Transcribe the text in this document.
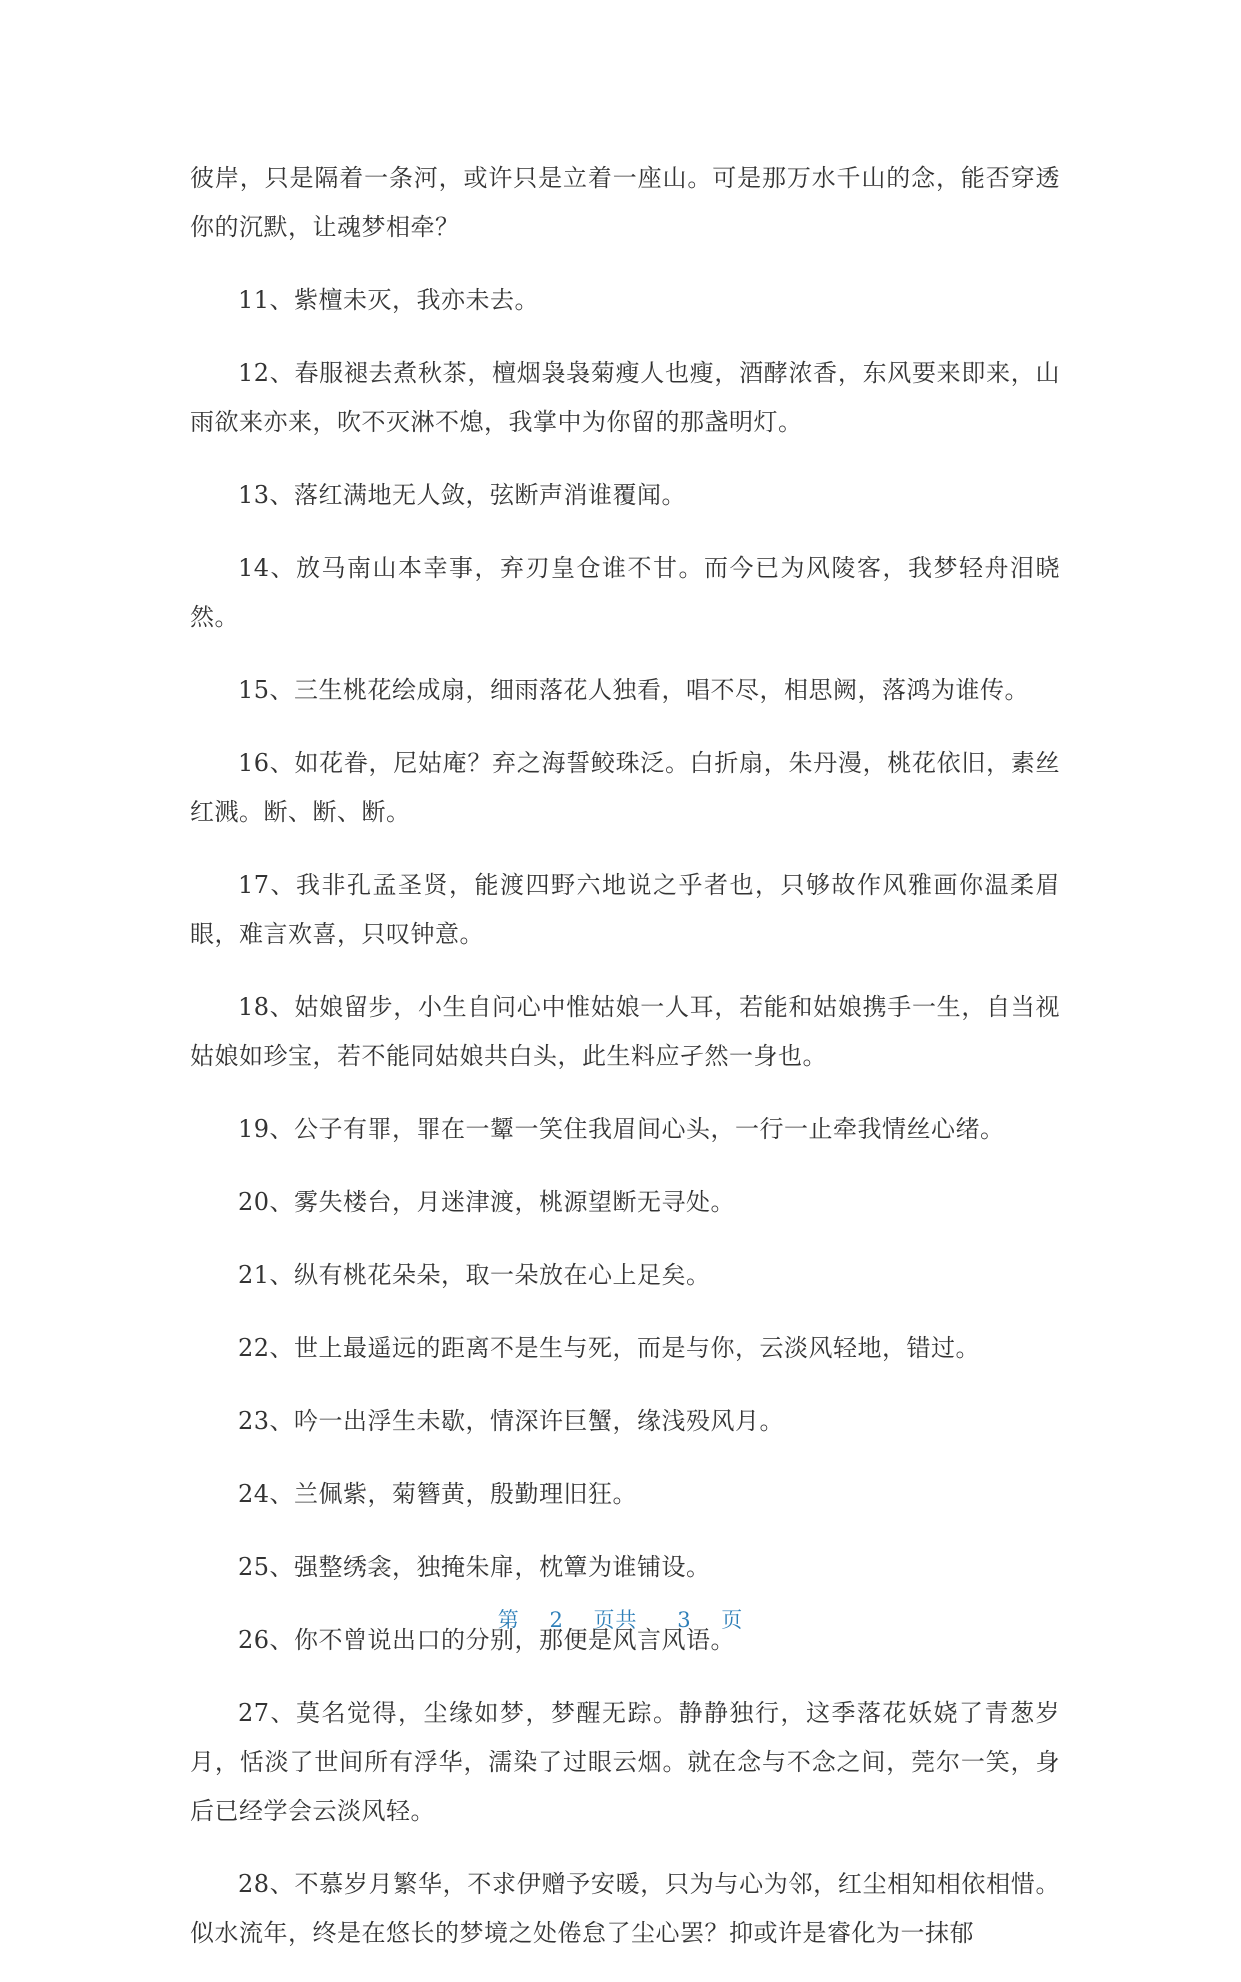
彼岸，只是隔着一条河，或许只是立着一座山。可是那万水千山的念，能否穿透你的沉默，让魂梦相牵？

11、紫檀未灭，我亦未去。

12、春服褪去煮秋茶，檀烟袅袅菊瘦人也瘦，酒酵浓香，东风要来即来，山雨欲来亦来，吹不灭淋不熄，我掌中为你留的那盏明灯。

13、落红满地无人敛，弦断声消谁覆闻。

14、放马南山本幸事，弃刃皇仓谁不甘。而今已为风陵客，我梦轻舟泪晓然。

15、三生桃花绘成扇，细雨落花人独看，唱不尽，相思阙，落鸿为谁传。

16、如花眷，尼姑庵？弃之海誓鲛珠泛。白折扇，朱丹漫，桃花依旧，素丝红溅。断、断、断。

17、我非孔孟圣贤，能渡四野六地说之乎者也，只够故作风雅画你温柔眉眼，难言欢喜，只叹钟意。

18、姑娘留步，小生自问心中惟姑娘一人耳，若能和姑娘携手一生，自当视姑娘如珍宝，若不能同姑娘共白头，此生料应孑然一身也。

19、公子有罪，罪在一颦一笑住我眉间心头，一行一止牵我情丝心绪。

20、雾失楼台，月迷津渡，桃源望断无寻处。

21、纵有桃花朵朵，取一朵放在心上足矣。

22、世上最遥远的距离不是生与死，而是与你，云淡风轻地，错过。

23、吟一出浮生未歇，情深许巨蟹，缘浅殁风月。

24、兰佩紫，菊簪黄，殷勤理旧狂。

25、强整绣衾，独掩朱扉，枕簟为谁铺设。

26、你不曾说出口的分别，那便是风言风语。

27、莫名觉得，尘缘如梦，梦醒无踪。静静独行，这季落花妖娆了青葱岁月，恬淡了世间所有浮华，濡染了过眼云烟。就在念与不念之间，莞尔一笑，身后已经学会云淡风轻。

28、不慕岁月繁华，不求伊赠予安暖，只为与心为邻，红尘相知相依相惜。似水流年，终是在悠长的梦境之处倦怠了尘心罢？抑或许是睿化为一抹郁

第 2 页共 3 页
